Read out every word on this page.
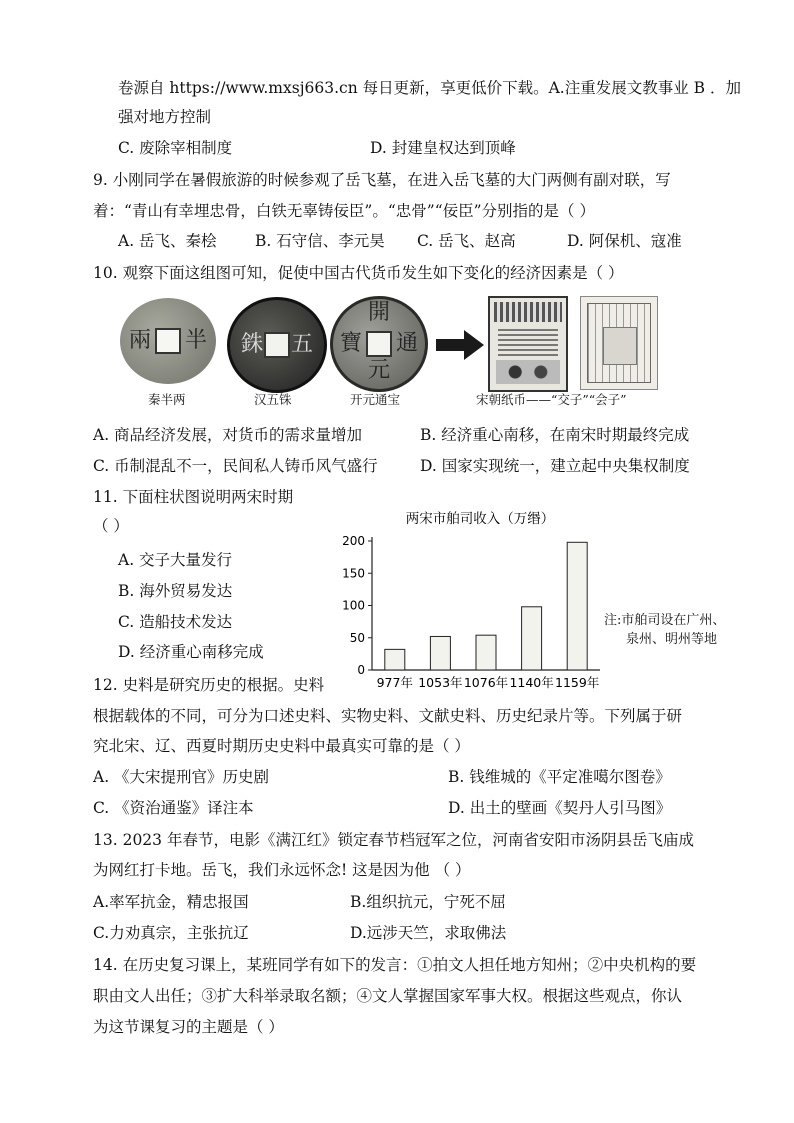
卷源自 https://www.mxsj663.cn 每日更新，享更低价下载。A.注重发展文教事业 B ．加
强对地方控制
C. 废除宰相制度	D. 封建皇权达到顶峰
9. 小刚同学在暑假旅游的时候参观了岳飞墓，在进入岳飞墓的大门两侧有副对联，写
着：“青山有幸埋忠骨，白铁无辜铸佞臣”。“忠骨”“佞臣”分别指的是（ ）
A. 岳飞、秦桧 B. 石守信、李元昊 C. 岳飞、赵高	D. 阿保机、寇准
10. 观察下面这组图可知，促使中国古代货币发生如下变化的经济因素是（ ）
兩 半
秦半两
銖 五
汉五铢
開
通
寶
元
开元通宝	宋朝纸币——“交子”“会子”
A. 商品经济发展，对货币的需求量增加	B. 经济重心南移，在南宋时期最终完成
C. 币制混乱不一，民间私人铸币风气盛行	D. 国家实现统一，建立起中央集权制度
11. 下面柱状图说明两宋时期
（ ）
A. 交子大量发行
B. 海外贸易发达
C. 造船技术发达
D. 经济重心南移完成
两宋市舶司收入（万缗）
0
50
100
150
200
977年 1053年 1076年 1140年 1159年
注:市舶司设在广州、
泉州、明州等地
12. 史料是研究历史的根据。史料
根据载体的不同，可分为口述史料、实物史料、文献史料、历史纪录片等。下列属于研
究北宋、辽、西夏时期历史史料中最真实可靠的是（ ）
A. 《大宋提刑官》历史剧	B. 钱维城的《平定准噶尔图卷》
C. 《资治通鉴》译注本	D. 出土的壁画《契丹人引马图》
13. 2023 年春节，电影《满江红》锁定春节档冠军之位，河南省安阳市汤阴县岳飞庙成
为网红打卡地。岳飞，我们永远怀念! 这是因为他 （ ）
A.率军抗金，精忠报国	B.组织抗元，宁死不屈
C.力劝真宗，主张抗辽	D.远涉天竺，求取佛法
14. 在历史复习课上，某班同学有如下的发言：①拍文人担任地方知州；②中央机构的要
职由文人出任；③扩大科举录取名额；④文人掌握国家军事大权。根据这些观点，你认
为这节课复习的主题是（ ）
